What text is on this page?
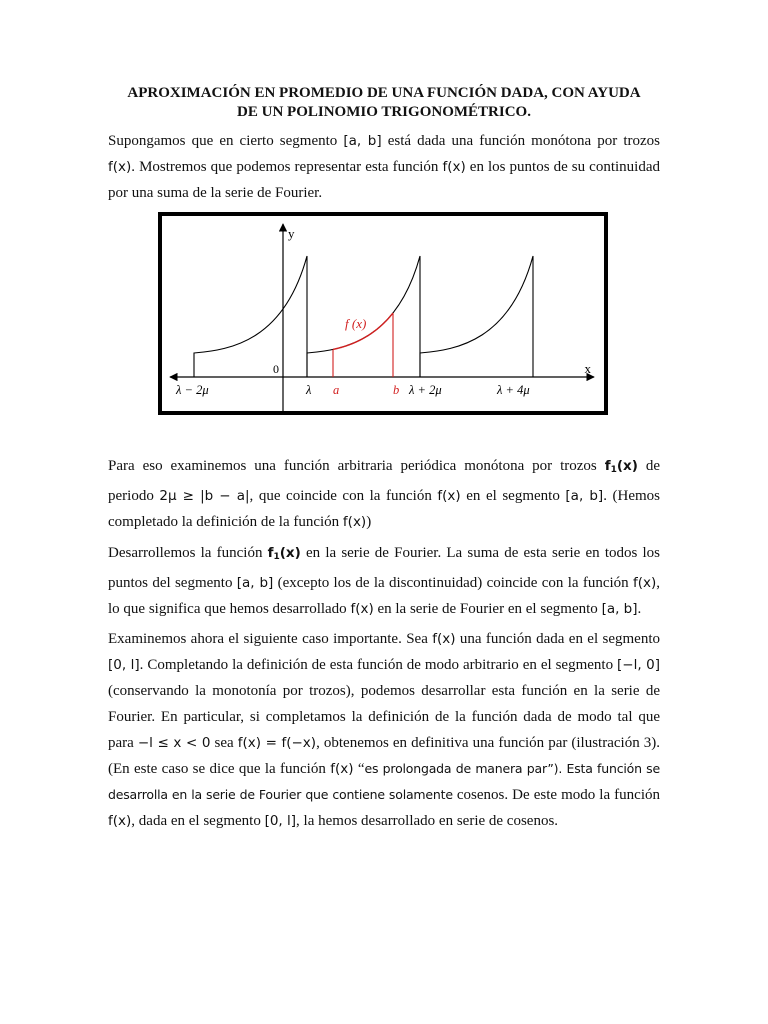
APROXIMACIÓN EN PROMEDIO DE UNA FUNCIÓN DADA, CON AYUDA
DE UN POLINOMIO TRIGONOMÉTRICO.
Supongamos que en cierto segmento [a, b] está dada una función monótona por trozos f(x). Mostremos que podemos representar esta función f(x) en los puntos de su continuidad por una suma de la serie de Fourier.
y
x
0
f (x)
λ − 2μ	λ a	b λ + 2μ	λ + 4μ
Para eso examinemos una función arbitraria periódica monótona por trozos $f_1(x)$ de periodo 2μ ≥ |b − a|, que coincide con la función f(x) en el segmento [a, b]. (Hemos completado la definición de la función f(x))
Desarrollemos la función $f_1(x)$ en la serie de Fourier. La suma de esta serie en todos los puntos del segmento [a, b] (excepto los de la discontinuidad) coincide con la función f(x), lo que significa que hemos desarrollado f(x) en la serie de Fourier en el segmento [a, b].
Examinemos ahora el siguiente caso importante. Sea f(x) una función dada en el segmento [0, l]. Completando la definición de esta función de modo arbitrario en el segmento [−l, 0] (conservando la monotonía por trozos), podemos desarrollar esta función en la serie de Fourier. En particular, si completamos la definición de la función dada de modo tal que para −l ≤ x < 0 sea f(x) = f(−x), obtenemos en definitiva una función par (ilustración 3). (En este caso se dice que la función f(x) “es prolongada de manera par”). Esta función se desarrolla en la serie de Fourier que contiene solamente cosenos. De este modo la función f(x), dada en el segmento [0, l], la hemos desarrollado en serie de cosenos.
